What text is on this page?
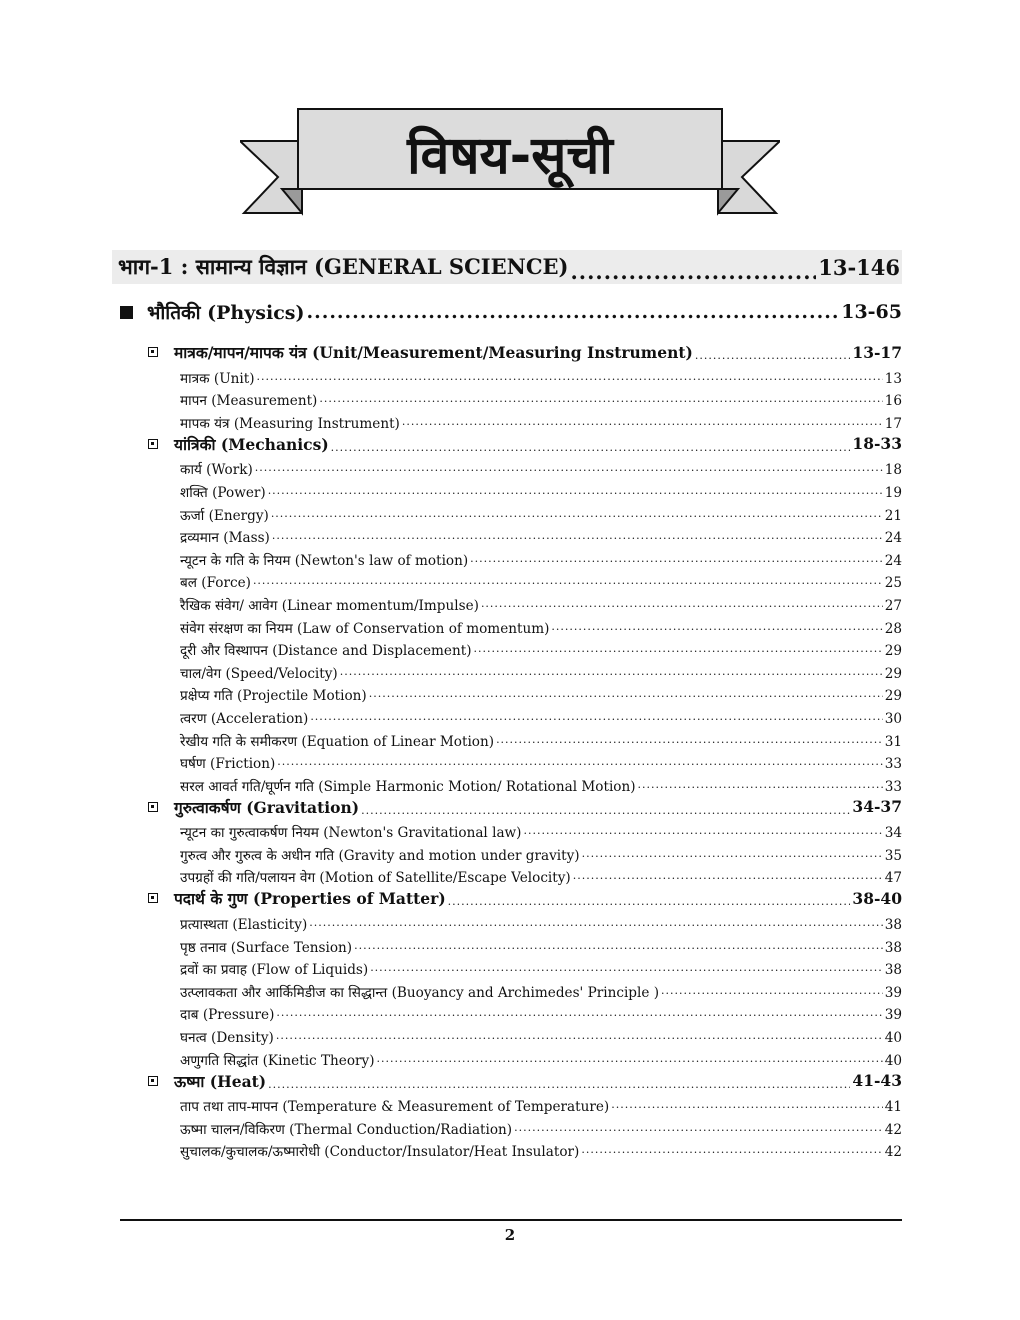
विषय-सूची
भाग-1 : सामान्य विज्ञान (GENERAL SCIENCE) .....	13-146
भौतिकी (Physics) .....	13-65
मात्रक/मापन/मापक यंत्र (Unit/Measurement/Measuring Instrument) .....	13-17
मात्रक (Unit) .....	13
मापन (Measurement) .....	16
मापक यंत्र (Measuring Instrument) .....	17
यांत्रिकी (Mechanics) .....	18-33
कार्य (Work) .....	18
शक्ति (Power) .....	19
ऊर्जा (Energy) .....	21
द्रव्यमान (Mass) .....	24
न्यूटन के गति के नियम (Newton's law of motion) .....	24
बल (Force) .....	25
रैखिक संवेग/ आवेग (Linear momentum/Impulse) .....	27
संवेग संरक्षण का नियम (Law of Conservation of momentum) .....	28
दूरी और विस्थापन (Distance and Displacement) .....	29
चाल/वेग (Speed/Velocity) .....	29
प्रक्षेप्य गति (Projectile Motion) .....	29
त्वरण (Acceleration) .....	30
रेखीय गति के समीकरण (Equation of Linear Motion) .....	31
घर्षण (Friction) .....	33
सरल आवर्त गति/घूर्णन गति (Simple Harmonic Motion/ Rotational Motion) .....	33
गुरुत्वाकर्षण (Gravitation) .....	34-37
न्यूटन का गुरुत्वाकर्षण नियम (Newton's Gravitational law) .....	34
गुरुत्व और गुरुत्व के अधीन गति (Gravity and motion under gravity) .....	35
उपग्रहों की गति/पलायन वेग (Motion of Satellite/Escape Velocity) .....	47
पदार्थ के गुण (Properties of Matter) .....	38-40
प्रत्यास्थता (Elasticity) .....	38
पृष्ठ तनाव (Surface Tension) .....	38
द्रवों का प्रवाह (Flow of Liquids) .....	38
उत्प्लावकता और आर्किमिडीज का सिद्धान्त (Buoyancy and Archimedes' Principle ) .....	39
दाब (Pressure) .....	39
घनत्व (Density) .....	40
अणुगति सिद्धांत (Kinetic Theory) .....	40
ऊष्मा (Heat) .....	41-43
ताप तथा ताप-मापन (Temperature & Measurement of Temperature) .....	41
ऊष्मा चालन/विकिरण (Thermal Conduction/Radiation) .....	42
सुचालक/कुचालक/ऊष्मारोधी (Conductor/Insulator/Heat Insulator) .....	42
2
